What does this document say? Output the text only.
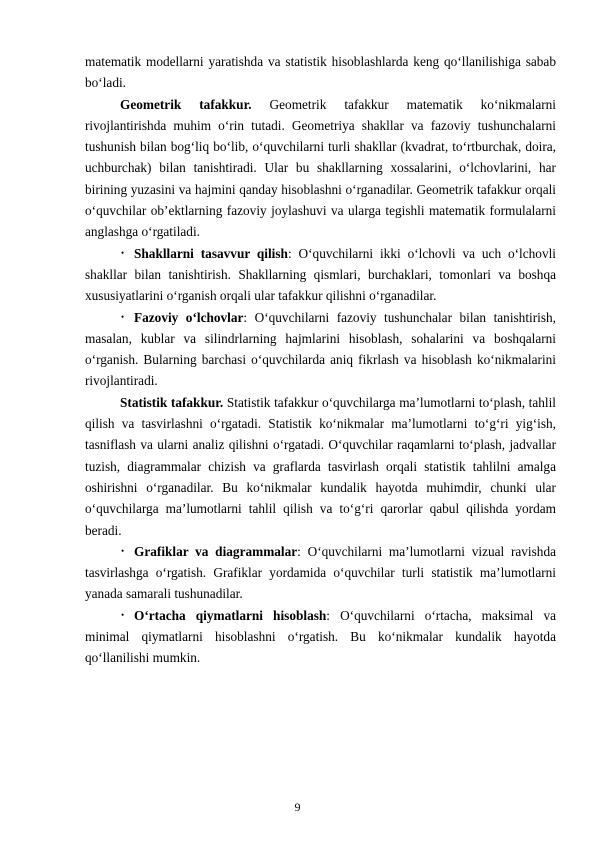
matematik modellarni yaratishda va statistik hisoblashlarda keng qo‘llanilishiga sabab bo‘ladi.

Geometrik tafakkur. Geometrik tafakkur matematik ko‘nikmalarni rivojlantirishda muhim o‘rin tutadi. Geometriya shakllar va fazoviy tushunchalarni tushunish bilan bog‘liq bo‘lib, o‘quvchilarni turli shakllar (kvadrat, to‘rtburchak, doira, uchburchak) bilan tanishtiradi. Ular bu shakllarning xossalarini, o‘lchovlarini, har birining yuzasini va hajmini qanday hisoblashni o‘rganadilar. Geometrik tafakkur orqali o‘quvchilar ob’ektlarning fazoviy joylashuvi va ularga tegishli matematik formulalarni anglashga o‘rgatiladi.

• Shakllarni tasavvur qilish: O‘quvchilarni ikki o‘lchovli va uch o‘lchovli shakllar bilan tanishtirish. Shakllarning qismlari, burchaklari, tomonlari va boshqa xususiyatlarini o‘rganish orqali ular tafakkur qilishni o‘rganadilar.

• Fazoviy o‘lchovlar: O‘quvchilarni fazoviy tushunchalar bilan tanishtirish, masalan, kublar va silindrlarning hajmlarini hisoblash, sohalarini va boshqalarni o‘rganish. Bularning barchasi o‘quvchilarda aniq fikrlash va hisoblash ko‘nikmalarini rivojlantiradi.

Statistik tafakkur. Statistik tafakkur o‘quvchilarga ma’lumotlarni to‘plash, tahlil qilish va tasvirlashni o‘rgatadi. Statistik ko‘nikmalar ma’lumotlarni to‘g‘ri yig‘ish, tasniflash va ularni analiz qilishni o‘rgatadi. O‘quvchilar raqamlarni to‘plash, jadvallar tuzish, diagrammalar chizish va graflarda tasvirlash orqali statistik tahlilni amalga oshirishni o‘rganadilar. Bu ko‘nikmalar kundalik hayotda muhimdir, chunki ular o‘quvchilarga ma’lumotlarni tahlil qilish va to‘g‘ri qarorlar qabul qilishda yordam beradi.

• Grafiklar va diagrammalar: O‘quvchilarni ma’lumotlarni vizual ravishda tasvirlashga o‘rgatish. Grafiklar yordamida o‘quvchilar turli statistik ma’lumotlarni yanada samarali tushunadilar.

• O‘rtacha qiymatlarni hisoblash: O‘quvchilarni o‘rtacha, maksimal va minimal qiymatlarni hisoblashni o‘rgatish. Bu ko‘nikmalar kundalik hayotda qo‘llanilishi mumkin.

9
